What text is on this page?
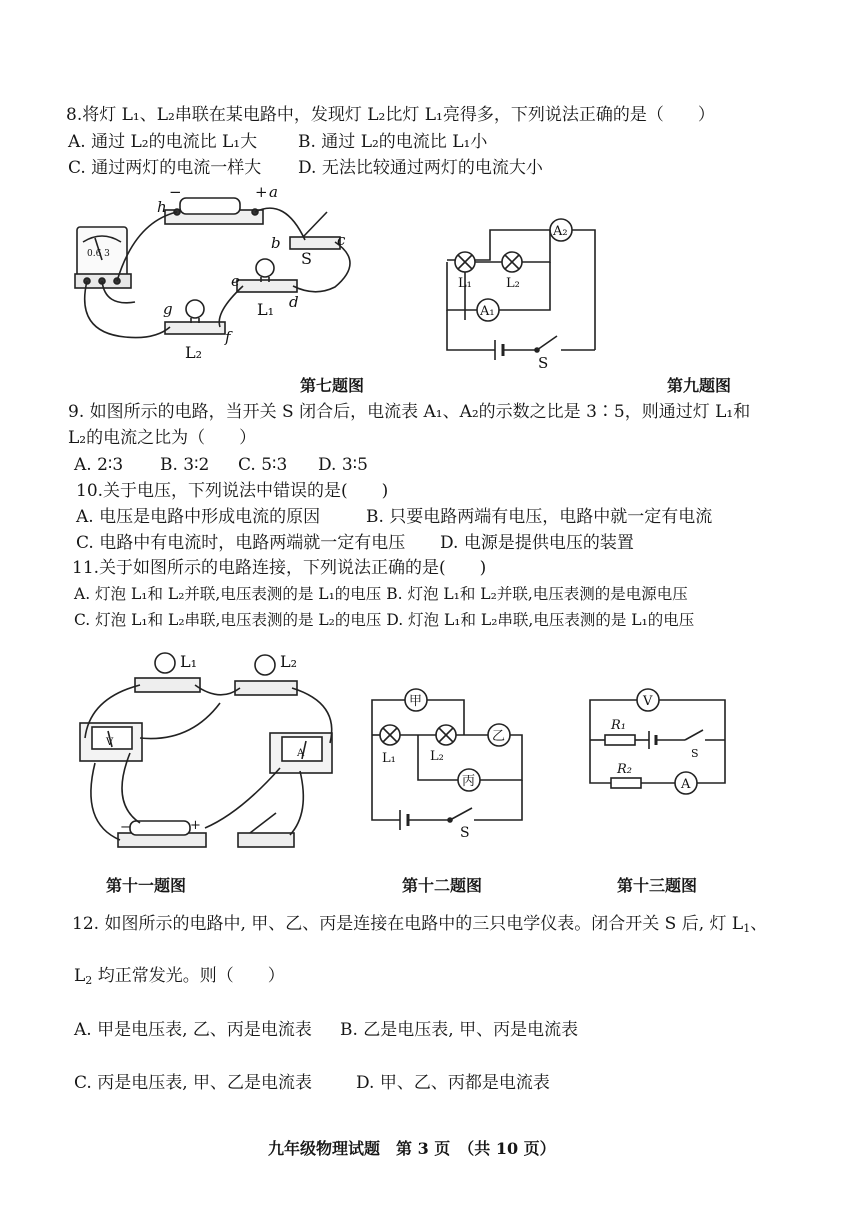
8.将灯 L₁、L₂串联在某电路中，发现灯 L₂比灯 L₁亮得多，下列说法正确的是（　　）
A. 通过 L₂的电流比 L₁大 B. 通过 L₂的电流比 L₁小
C. 通过两灯的电流一样大 D. 无法比较通过两灯的电流大小
−	+ a
h
b	c
e
d
g
f
S
L₁
L₂
0.6 3
第七题图
A₂
A₁
L₁	L₂
S
第九题图
9. 如图所示的电路，当开关 S 闭合后，电流表 A₁、A₂的示数之比是 3∶5，则通过灯 L₁和
L₂的电流之比为（　　）
A. 2∶3 B. 3∶2 C. 5∶3 D. 3∶5
10.关于电压，下列说法中错误的是(　　)
A. 电压是电路中形成电流的原因	B. 只要电路两端有电压，电路中就一定有电流
C. 电路中有电流时，电路两端就一定有电压 D. 电源是提供电压的装置
11.关于如图所示的电路连接，下列说法正确的是(　　)
A. 灯泡 L₁和 L₂并联,电压表测的是 L₁的电压 B. 灯泡 L₁和 L₂并联,电压表测的是电源电压
C. 灯泡 L₁和 L₂串联,电压表测的是 L₂的电压 D. 灯泡 L₁和 L₂串联,电压表测的是 L₁的电压
L₁	L₂
V
A
−	+
第十一题图
甲
乙
丙
L₁	L₂
S
第十二题图
V
A
R₁
R₂
S
第十三题图
12. 如图所示的电路中, 甲、乙、丙是连接在电路中的三只电学仪表。闭合开关 S 后, 灯 $L_1$、
$L_2$ 均正常发光。则（　　）
A. 甲是电压表, 乙、丙是电流表 B. 乙是电压表, 甲、丙是电流表
C. 丙是电压表, 甲、乙是电流表	D. 甲、乙、丙都是电流表
九年级物理试题　第 3 页　（共 10 页）
